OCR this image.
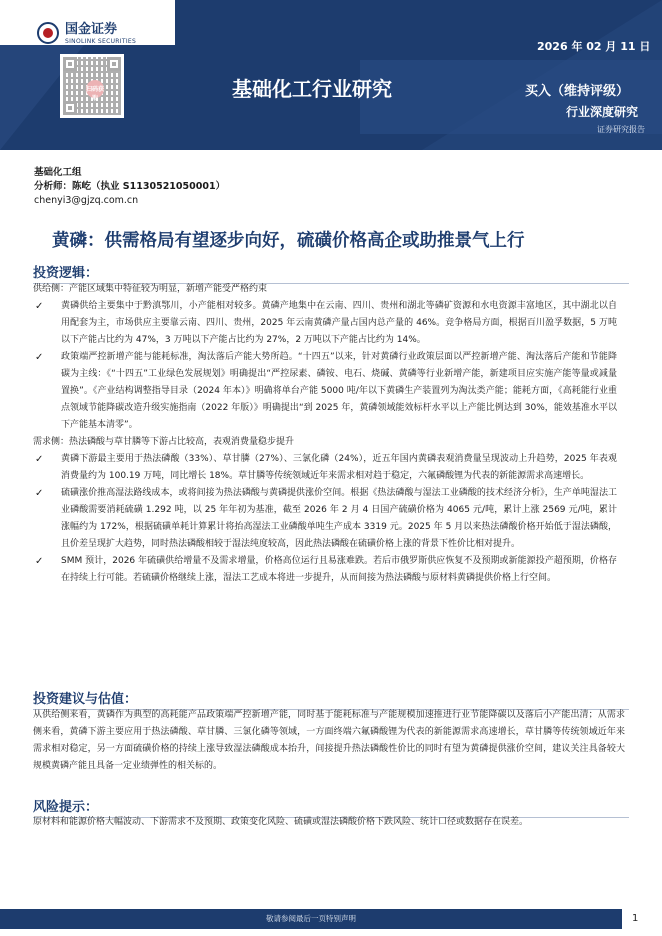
国金证券
SINOLINK SECURITIES
扫码获取
2026 年 02 月 11 日
基础化工行业研究	买入（维持评级）
行业深度研究
证券研究报告
基础化工组
分析师：陈屹（执业 S1130521050001）
chenyi3@gjzq.com.cn
黄磷：供需格局有望逐步向好，硫磺价格高企或助推景气上行
投资逻辑：
供给侧：产能区域集中特征较为明显，新增产能受严格约束
✓ 黄磷供给主要集中于黔滇鄂川，小产能相对较多。黄磷产地集中在云南、四川、贵州和湖北等磷矿资源和水电资源丰富地区，其中湖北以自用配套为主，市场供应主要靠云南、四川、贵州，2025 年云南黄磷产量占国内总产量的 46%。竞争格局方面，根据百川盈孚数据，5 万吨以下产能占比约为 47%，3 万吨以下产能占比约为 27%，2 万吨以下产能占比约为 14%。
✓ 政策端严控新增产能与能耗标准，淘汰落后产能大势所趋。“十四五”以来，针对黄磷行业政策层面以严控新增产能、淘汰落后产能和节能降碳为主线：《“十四五”工业绿色发展规划》明确提出“严控尿素、磷铵、电石、烧碱、黄磷等行业新增产能，新建项目应实施产能等量或减量置换”。《产业结构调整指导目录（2024 年本）》明确将单台产能 5000 吨/年以下黄磷生产装置列为淘汰类产能；能耗方面，《高耗能行业重点领域节能降碳改造升级实施指南（2022 年版）》明确提出“到 2025 年，黄磷领域能效标杆水平以上产能比例达到 30%，能效基准水平以下产能基本清零”。
需求侧：热法磷酸与草甘膦等下游占比较高，表观消费量稳步提升
✓ 黄磷下游最主要用于热法磷酸（33%）、草甘膦（27%）、三氯化磷（24%），近五年国内黄磷表观消费量呈现波动上升趋势，2025 年表观消费量约为 100.19 万吨，同比增长 18%。草甘膦等传统领域近年来需求相对趋于稳定，六氟磷酸锂为代表的新能源需求高速增长。
✓ 硫磺涨价推高湿法路线成本，或将间接为热法磷酸与黄磷提供涨价空间。根据《热法磷酸与湿法工业磷酸的技术经济分析》，生产单吨湿法工业磷酸需要消耗硫磺 1.292 吨，以 25 年年初为基准，截至 2026 年 2 月 4 日国产硫磺价格为 4065 元/吨，累计上涨 2569 元/吨，累计涨幅约为 172%，根据硫磺单耗计算累计将抬高湿法工业磷酸单吨生产成本 3319 元。2025 年 5 月以来热法磷酸价格开始低于湿法磷酸，且价差呈现扩大趋势，同时热法磷酸相较于湿法纯度较高，因此热法磷酸在硫磺价格上涨的背景下性价比相对提升。
✓ SMM 预计，2026 年硫磺供给增量不及需求增量，价格高位运行且易涨难跌。若后市俄罗斯供应恢复不及预期或新能源投产超预期，价格存在持续上行可能。若硫磺价格继续上涨，湿法工艺成本将进一步提升，从而间接为热法磷酸与原材料黄磷提供价格上行空间。
投资建议与估值：
从供给侧来看，黄磷作为典型的高耗能产品政策端严控新增产能，同时基于能耗标准与产能规模加速推进行业节能降碳以及落后小产能出清；从需求侧来看，黄磷下游主要应用于热法磷酸、草甘膦、三氯化磷等领域，一方面终端六氟磷酸锂为代表的新能源需求高速增长，草甘膦等传统领域近年来需求相对稳定，另一方面硫磺价格的持续上涨导致湿法磷酸成本抬升，间接提升热法磷酸性价比的同时有望为黄磷提供涨价空间，建议关注具备较大规模黄磷产能且具备一定业绩弹性的相关标的。
风险提示：
原材料和能源价格大幅波动、下游需求不及预期、政策变化风险、硫磺或湿法磷酸价格下跌风险、统计口径或数据存在误差。
敬请参阅最后一页特别声明	1
